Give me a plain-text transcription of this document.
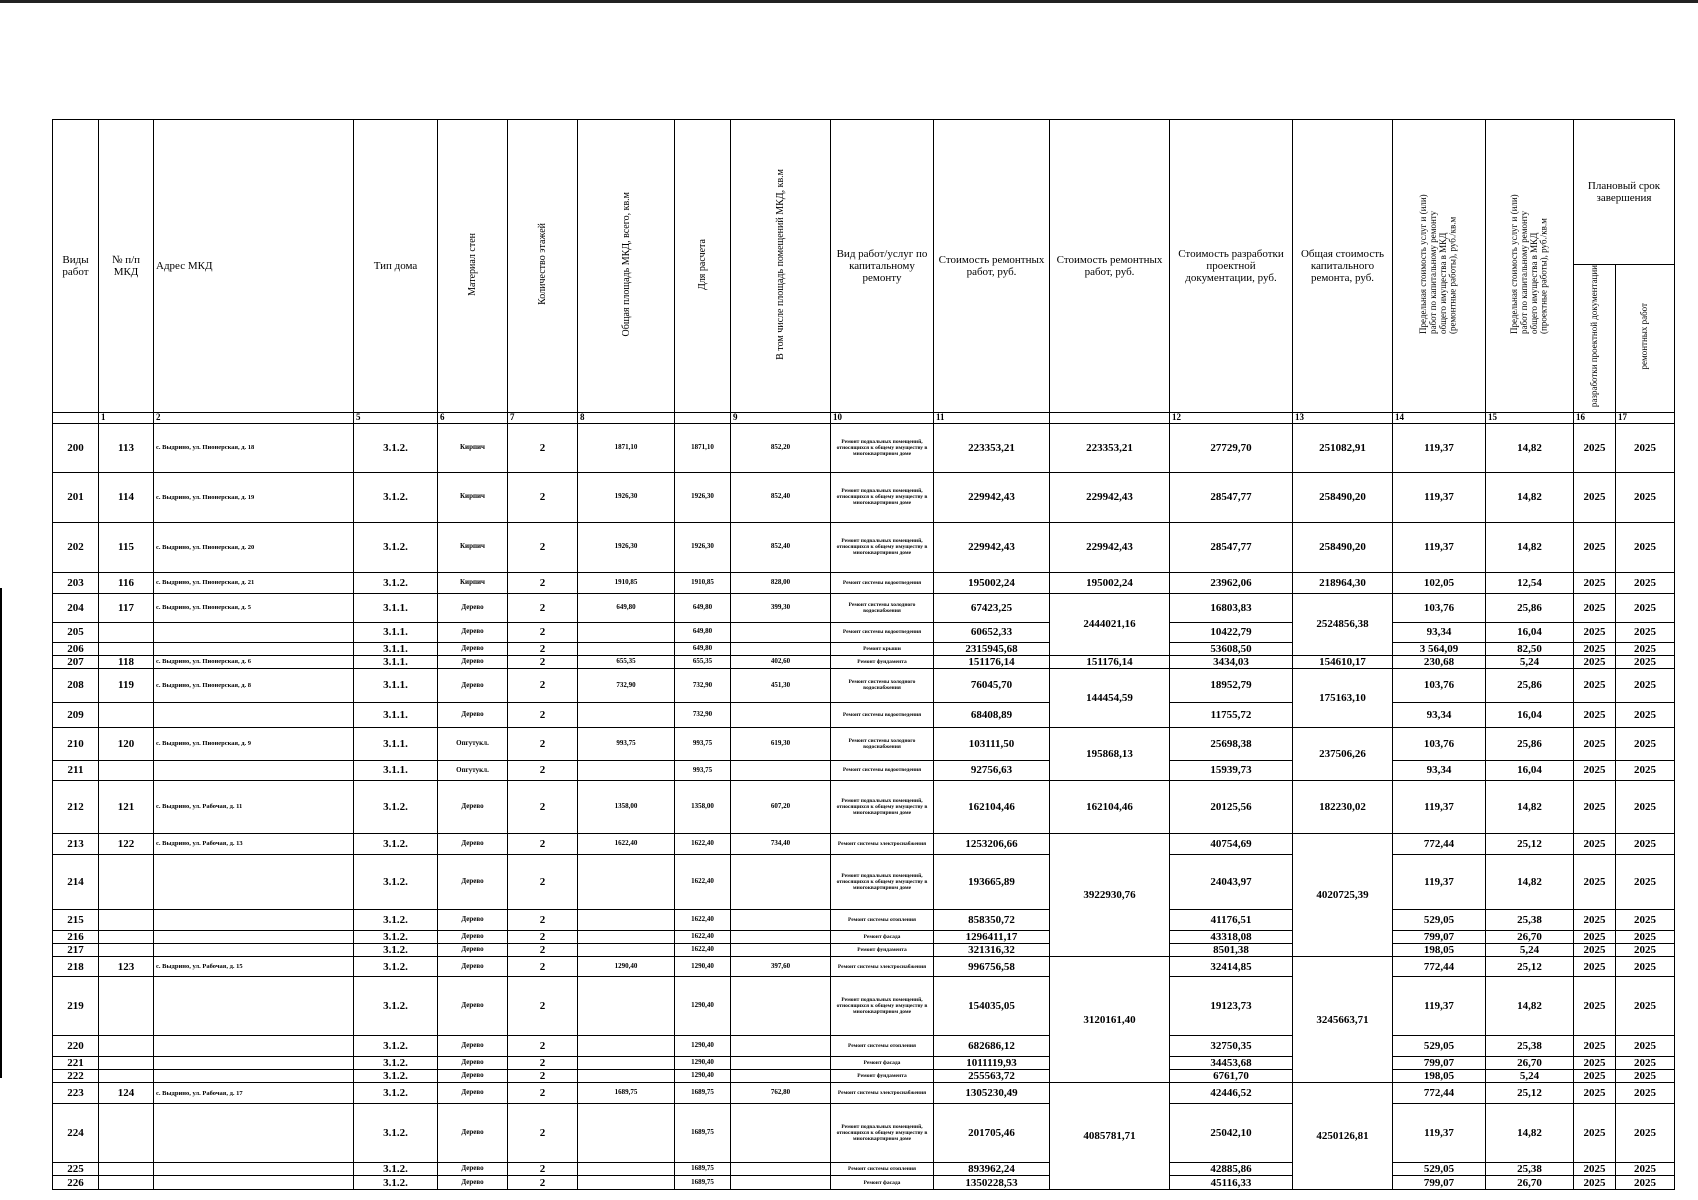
Виды работ	№ п/п МКД	Адрес МКД	Тип дома	Материал стен	Количество этажей	Общая площадь МКД, всего, кв.м	Для расчета	В том числе площадь помещений МКД, кв.м	Вид работ/услуг по капитальному ремонту	Стоимость ремонтных работ, руб.	Стоимость ремонтных работ, руб.	Стоимость разработки проектной документации, руб.	Общая стоимость капитального ремонта, руб.	Предельная стоимость услуг и (или) работ по капитальному ремонту общего имущества в МКД (ремонтные работы), руб./кв.м	Предельная стоимость услуг и (или) работ по капитальному ремонту общего имущества в МКД (проектные работы), руб./кв.м	Плановый срок завершения	
																разработки проектной документации	ремонтных работ
	1	2	5	6	7	8		9	10	11		12	13	14	15	16	17
200	113	с. Выдрино, ул. Пионерская, д. 18	3.1.2.	Кирпич	2	1871,10	1871,10	852,20	Ремонт подвальных помещений, относящихся к общему имуществу в многоквартирном доме	223353,21	223353,21	27729,70	251082,91	119,37	14,82	2025	2025
201	114	с. Выдрино, ул. Пионерская, д. 19	3.1.2.	Кирпич	2	1926,30	1926,30	852,40	Ремонт подвальных помещений, относящихся к общему имуществу в многоквартирном доме	229942,43	229942,43	28547,77	258490,20	119,37	14,82	2025	2025
202	115	с. Выдрино, ул. Пионерская, д. 20	3.1.2.	Кирпич	2	1926,30	1926,30	852,40	Ремонт подвальных помещений, относящихся к общему имуществу в многоквартирном доме	229942,43	229942,43	28547,77	258490,20	119,37	14,82	2025	2025
203	116	с. Выдрино, ул. Пионерская, д. 21	3.1.2.	Кирпич	2	1910,85	1910,85	828,00	Ремонт системы водоотведения	195002,24	195002,24	23962,06	218964,30	102,05	12,54	2025	2025
204	117	с. Выдрино, ул. Пионерская, д. 5	3.1.1.	Дерево	2	649,80	649,80	399,30	Ремонт системы холодного водоснабжения	67423,25	2444021,16	16803,83	2524856,38	103,76	25,86	2025	2025
205			3.1.1.	Дерево	2		649,80		Ремонт системы водоотведения	60652,33		10422,79		93,34	16,04	2025	2025
206			3.1.1.	Дерево	2		649,80		Ремонт крыши	2315945,68		53608,50		3 564,09	82,50	2025	2025
207	118	с. Выдрино, ул. Пионерская, д. 6	3.1.1.	Дерево	2	655,35	655,35	402,60	Ремонт фундамента	151176,14	151176,14	3434,03	154610,17	230,68	5,24	2025	2025
208	119	с. Выдрино, ул. Пионерская, д. 8	3.1.1.	Дерево	2	732,90	732,90	451,30	Ремонт системы холодного водоснабжения	76045,70	144454,59	18952,79	175163,10	103,76	25,86	2025	2025
209			3.1.1.	Дерево	2		732,90		Ремонт системы водоотведения	68408,89		11755,72		93,34	16,04	2025	2025
210	120	с. Выдрино, ул. Пионерская, д. 9	3.1.1.	Опгутукл.	2	993,75	993,75	619,30	Ремонт системы холодного водоснабжения	103111,50	195868,13	25698,38	237506,26	103,76	25,86	2025	2025
211			3.1.1.	Опгутукл.	2		993,75		Ремонт системы водоотведения	92756,63		15939,73		93,34	16,04	2025	2025
212	121	с. Выдрино, ул. Рабочая, д. 11	3.1.2.	Дерево	2	1358,00	1358,00	607,20	Ремонт подвальных помещений, относящихся к общему имуществу в многоквартирном доме	162104,46	162104,46	20125,56	182230,02	119,37	14,82	2025	2025
213	122	с. Выдрино, ул. Рабочая, д. 13	3.1.2.	Дерево	2	1622,40	1622,40	734,40	Ремонт системы электроснабжения	1253206,66	3922930,76	40754,69	4020725,39	772,44	25,12	2025	2025
214			3.1.2.	Дерево	2		1622,40		Ремонт подвальных помещений, относящихся к общему имуществу в многоквартирном доме	193665,89		24043,97		119,37	14,82	2025	2025
215			3.1.2.	Дерево	2		1622,40		Ремонт системы отопления	858350,72		41176,51		529,05	25,38	2025	2025
216			3.1.2.	Дерево	2		1622,40		Ремонт фасада	1296411,17		43318,08		799,07	26,70	2025	2025
217			3.1.2.	Дерево	2		1622,40		Ремонт фундамента	321316,32		8501,38		198,05	5,24	2025	2025
218	123	с. Выдрино, ул. Рабочая, д. 15	3.1.2.	Дерево	2	1290,40	1290,40	397,60	Ремонт системы электроснабжения	996756,58	3120161,40	32414,85	3245663,71	772,44	25,12	2025	2025
219			3.1.2.	Дерево	2		1290,40		Ремонт подвальных помещений, относящихся к общему имуществу в многоквартирном доме	154035,05		19123,73		119,37	14,82	2025	2025
220			3.1.2.	Дерево	2		1290,40		Ремонт системы отопления	682686,12		32750,35		529,05	25,38	2025	2025
221			3.1.2.	Дерево	2		1290,40		Ремонт фасада	1011119,93		34453,68		799,07	26,70	2025	2025
222			3.1.2.	Дерево	2		1290,40		Ремонт фундамента	255563,72		6761,70		198,05	5,24	2025	2025
223	124	с. Выдрино, ул. Рабочая, д. 17	3.1.2.	Дерево	2	1689,75	1689,75	762,80	Ремонт системы электроснабжения	1305230,49	4085781,71	42446,52	4250126,81	772,44	25,12	2025	2025
224			3.1.2.	Дерево	2		1689,75		Ремонт подвальных помещений, относящихся к общему имуществу в многоквартирном доме	201705,46		25042,10		119,37	14,82	2025	2025
225			3.1.2.	Дерево	2		1689,75		Ремонт системы отопления	893962,24		42885,86		529,05	25,38	2025	2025
226			3.1.2.	Дерево	2		1689,75		Ремонт фасада	1350228,53		45116,33		799,07	26,70	2025	2025
